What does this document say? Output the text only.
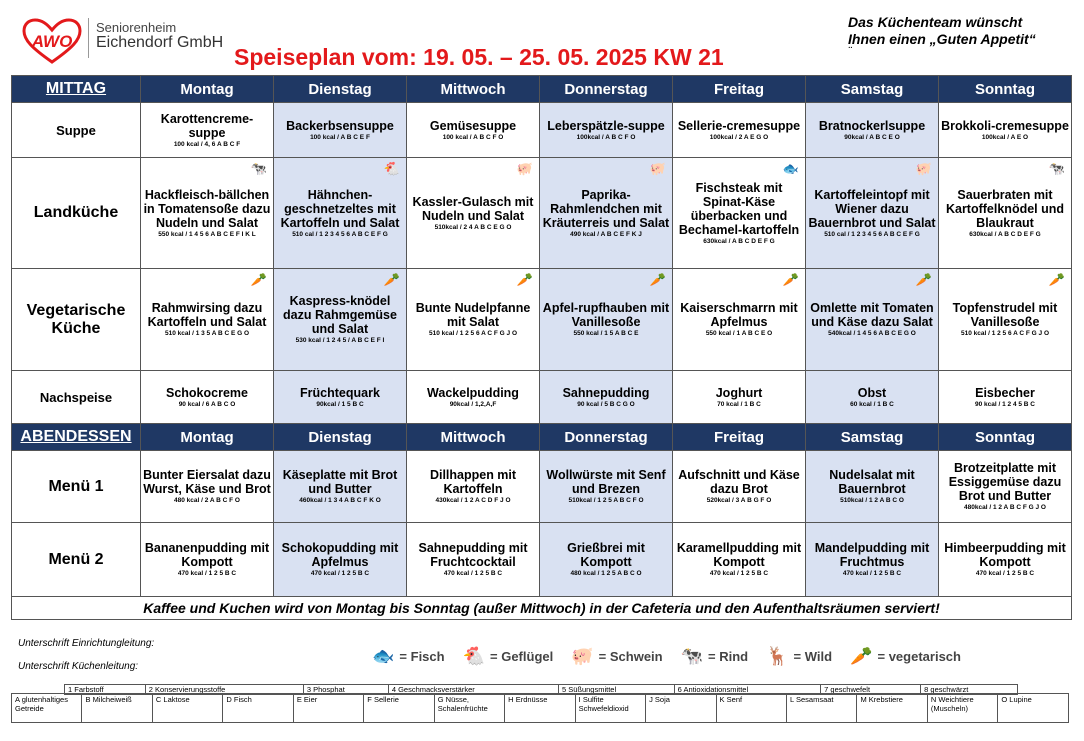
AWO
Seniorenheim
Eichendorf GmbH
Speiseplan vom: 19. 05. – 25. 05. 2025 KW 21
Das Küchenteam wünscht
Ihnen einen „Guten Appetit“
¨
MITTAG	Montag	Dienstag	Mittwoch	Donnerstag	Freitag	Samstag	Sonntag
Suppe	Karottencreme-suppe
100 kcal / 4, 6 A B C F	Backerbsensuppe
100 kcal / A B C E F	Gemüsesuppe
100 kcal / A B C F O	Leberspätzle-suppe
100kcal / A B C F O	Sellerie-cremesuppe
100kcal / 2 A E G O	Bratnockerlsuppe
90kcal / A B C E O	Brokkoli-cremesuppe
100kcal / A E O

Landküche	🐄
Hackfleisch-bällchen in Tomatensoße dazu Nudeln und Salat
550 kcal / 1 4 5 6 A B C E F I K L	🐔
Hähnchen-geschnetzeltes mit Kartoffeln und Salat
510 cal / 1 2 3 4 5 6 A B C E F G	🐖
Kassler-Gulasch mit Nudeln und Salat
510kcal / 2 4 A B C E G O	🐖
Paprika-Rahmlendchen mit Kräuterreis und Salat
490 kcal / A B C E F K J	🐟
Fischsteak mit Spinat-Käse überbacken und Bechamel-kartoffeln
630kcal / A B C D E F G	🐖
Kartoffeleintopf mit Wiener dazu Bauernbrot und Salat
510 cal / 1 2 3 4 5 6 A B C E F G	🐄
Sauerbraten mit Kartoffelknödel und Blaukraut
630kcal / A B C D E F G

Vegetarische Küche	🥕
Rahmwirsing dazu Kartoffeln und Salat
510 kcal / 1 3 5 A B C E G O	🥕
Kaspress-knödel dazu Rahmgemüse und Salat
530 kcal / 1 2 4 5 / A B C E F I	🥕
Bunte Nudelpfanne mit Salat
510 kcal / 1 2 5 6 A C F G J O	🥕
Apfel-rupfhauben mit Vanillesoße
550 kcal / 1 5 A B C E	🥕
Kaiserschmarrn mit Apfelmus
550 kcal / 1 A B C E O	🥕
Omlette mit Tomaten und Käse dazu Salat
540kcal / 1 4 5 6 A B C E G O	🥕
Topfenstrudel mit Vanillesoße
510 kcal / 1 2 5 6 A C F G J O

Nachspeise	Schokocreme
90 kcal / 6 A B C O	Früchtequark
90kcal / 1 5 B C	Wackelpudding
90kcal / 1,2,A,F	Sahnepudding
90 kcal / 5 B C G O	Joghurt
70 kcal / 1 B C	Obst
60 kcal / 1 B C	Eisbecher
90 kcal / 1 2 4 5 B C

ABENDESSEN	Montag	Dienstag	Mittwoch	Donnerstag	Freitag	Samstag	Sonntag
Menü 1	Bunter Eiersalat dazu Wurst, Käse und Brot
480 kcal / 2 A B C F O	Käseplatte mit Brot und Butter
460kcal / 1 3 4 A B C F K O	Dillhappen mit Kartoffeln
430kcal / 1 2 A C D F J O	Wollwürste mit Senf und Brezen
510kcal / 1 2 5 A B C F O	Aufschnitt und Käse dazu Brot
520kcal / 3 A B G F O	Nudelsalat mit Bauernbrot
510kcal / 1 2 A B C O	Brotzeitplatte mit Essiggemüse dazu Brot und Butter
480kcal / 1 2 A B C F G J O

Menü 2	Bananenpudding mit Kompott
470 kcal / 1 2 5 B C	Schokopudding mit Apfelmus
470 kcal / 1 2 5 B C	Sahnepudding mit Fruchtcocktail
470 kcal / 1 2 5 B C	Grießbrei mit Kompott
480 kcal / 1 2 5 A B C O	Karamellpudding mit Kompott
470 kcal / 1 2 5 B C	Mandelpudding mit Fruchtmus
470 kcal / 1 2 5 B C	Himbeerpudding mit Kompott
470 kcal / 1 2 5 B C

Kaffee und Kuchen wird von Montag bis Sonntag (außer Mittwoch) in der Cafeteria und den Aufenthaltsräumen serviert!							
Unterschrift Einrichtungleitung:
Unterschrift Küchenleitung:
🐟 = Fisch 🐔 = Geflügel 🐖 = Schwein 🐄 = Rind 🦌 = Wild 🥕 = vegetarisch
1 Farbstoff	2 Konservierungsstoffe	3 Phosphat	4 Geschmacksverstärker	5 Süßungsmittel	6 Antioxidationsmittel	7 geschwefelt	8 geschwärzt
A glutenhaltiges Getreide	B Milcheiweiß	C Laktose	D Fisch	E Eier	F Sellerie	G Nüsse, Schalenfrüchte	H Erdnüsse	I Sulfite Schwefeldioxid	J Soja	K Senf	L Sesamsaat	M Krebstiere	N Weichtiere (Muscheln)	O Lupine
